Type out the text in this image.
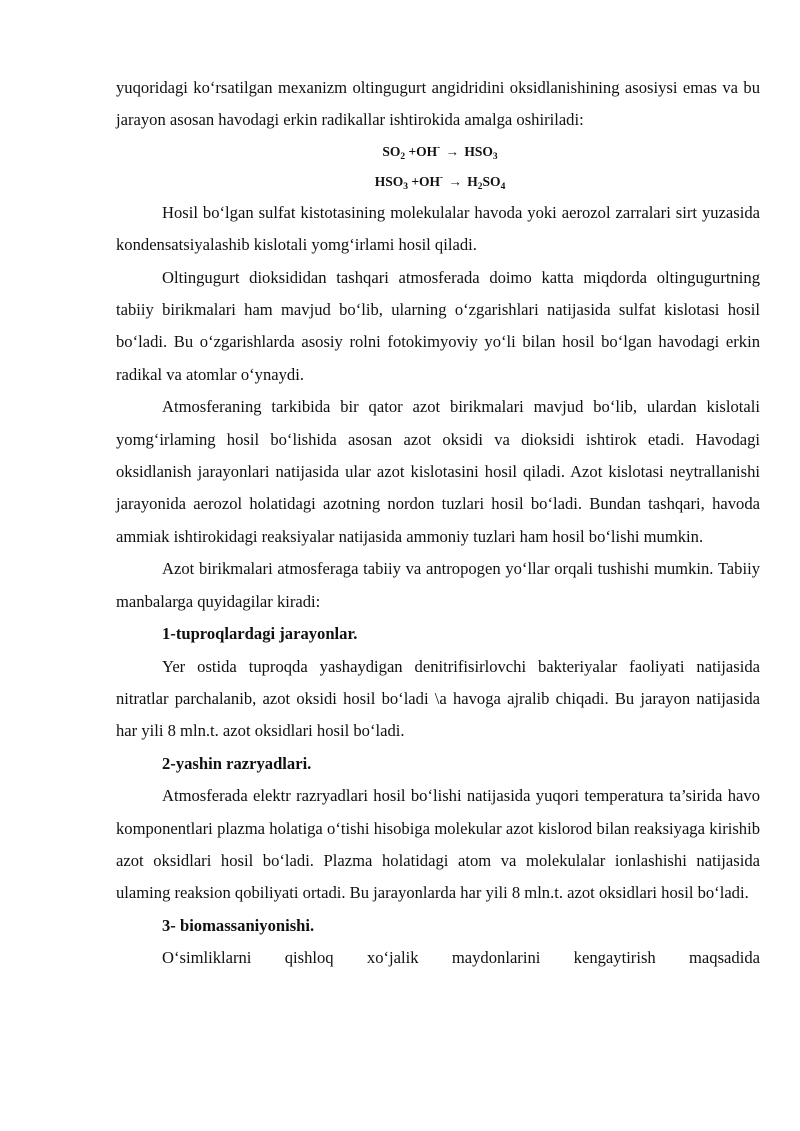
yuqoridagi koʻrsatilgan mexanizm oltingugurt angidridini oksidlanishining asosiysi emas va bu jarayon asosan havodagi erkin radikallar ishtirokida amalga oshiriladi:

$SO_2 +OH^- \to HSO_3$
$HSO_3 +OH^- \to H_2SO_4$

Hosil boʻlgan sulfat kistotasining molekulalar havoda yoki aerozol zarralari sirt yuzasida kondensatsiyalashib kislotali yomgʻirlami hosil qiladi.

Oltingugurt dioksididan tashqari atmosferada doimo katta miqdorda oltingugurtning tabiiy birikmalari ham mavjud boʻlib, ularning oʻzgarishlari natijasida sulfat kislotasi hosil boʻladi. Bu oʻzgarishlarda asosiy rolni fotokimyoviy yoʻli bilan hosil boʻlgan havodagi erkin radikal va atomlar oʻynaydi.

Atmosferaning tarkibida bir qator azot birikmalari mavjud boʻlib, ulardan kislotali yomgʻirlaming hosil boʻlishida asosan azot oksidi va dioksidi ishtirok etadi. Havodagi oksidlanish jarayonlari natijasida ular azot kislotasini hosil qiladi. Azot kislotasi neytrallanishi jarayonida aerozol holatidagi azotning nordon tuzlari hosil boʻladi. Bundan tashqari, havoda ammiak ishtirokidagi reaksiyalar natijasida ammoniy tuzlari ham hosil boʻlishi mumkin.

Azot birikmalari atmosferaga tabiiy va antropogen yoʻllar orqali tushishi mumkin. Tabiiy manbalarga quyidagilar kiradi:

1-tuproqlardagi jarayonlar.

Yer ostida tuproqda yashaydigan denitrifisirlovchi bakteriyalar faoliyati natijasida nitratlar parchalanib, azot oksidi hosil boʻladi \a havoga ajralib chiqadi. Bu jarayon natijasida har yili 8 mln.t. azot oksidlari hosil boʻladi.

2-yashin razryadlari.

Atmosferada elektr razryadlari hosil boʻlishi natijasida yuqori temperatura ta’sirida havo komponentlari plazma holatiga oʻtishi hisobiga molekular azot kislorod bilan reaksiyaga kirishib azot oksidlari hosil boʻladi. Plazma holatidagi atom va molekulalar ionlashishi natijasida ulaming reaksion qobiliyati ortadi. Bu jarayonlarda har yili 8 mln.t. azot oksidlari hosil boʻladi.

3- biomassaniyonishi.

Oʻsimliklarni qishloq xoʻjalik maydonlarini kengaytirish maqsadida
